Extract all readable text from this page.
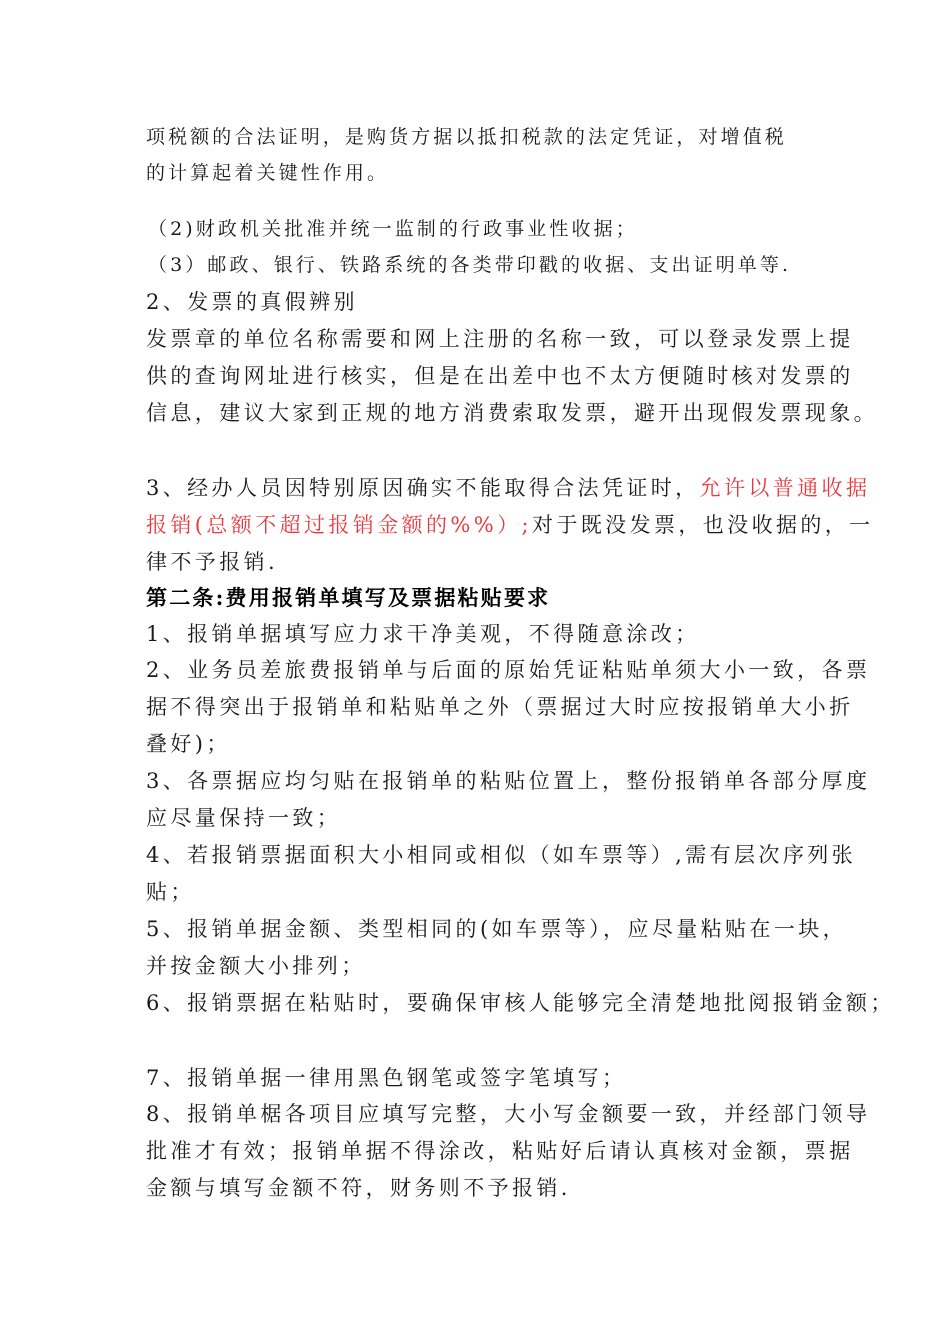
项税额的合法证明，是购货方据以抵扣税款的法定凭证，对增值税

的计算起着关键性作用。

（2)财政机关批准并统一监制的行政事业性收据；

（3）邮政、银行、铁路系统的各类带印戳的收据、支出证明单等.

2、发票的真假辨别

发票章的单位名称需要和网上注册的名称一致，可以登录发票上提

供的查询网址进行核实，但是在出差中也不太方便随时核对发票的

信息，建议大家到正规的地方消费索取发票，避开出现假发票现象。

3、经办人员因特别原因确实不能取得合法凭证时，允许以普通收据

报销(总额不超过报销金额的%%）;对于既没发票，也没收据的，一

律不予报销.

第二条:费用报销单填写及票据粘贴要求

1、报销单据填写应力求干净美观，不得随意涂改；

2、业务员差旅费报销单与后面的原始凭证粘贴单须大小一致，各票

据不得突出于报销单和粘贴单之外（票据过大时应按报销单大小折

叠好)；

3、各票据应均匀贴在报销单的粘贴位置上，整份报销单各部分厚度

应尽量保持一致；

4、若报销票据面积大小相同或相似（如车票等）,需有层次序列张

贴；

5、报销单据金额、类型相同的(如车票等），应尽量粘贴在一块，

并按金额大小排列；

6、报销票据在粘贴时，要确保审核人能够完全清楚地批阅报销金额；

7、报销单据一律用黑色钢笔或签字笔填写；

8、报销单椐各项目应填写完整，大小写金额要一致，并经部门领导

批准才有效；报销单据不得涂改，粘贴好后请认真核对金额，票据

金额与填写金额不符，财务则不予报销.
